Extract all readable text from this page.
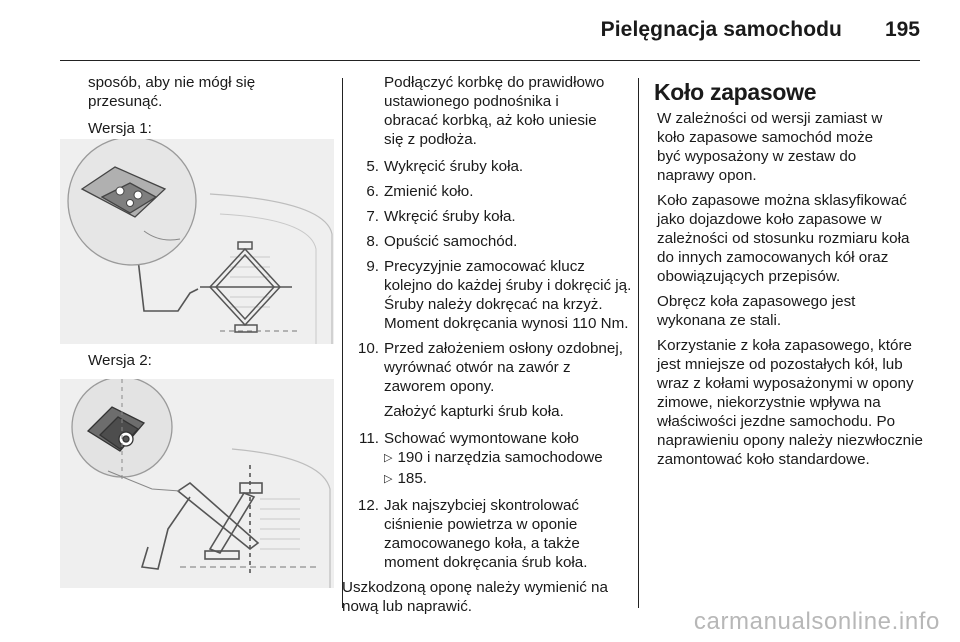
Pielęgnacja samochodu 195

sposób, aby nie mógł się przesunąć.

Wersja 1:

Wersja 2:

Podłączyć korbkę do prawidłowo ustawionego podnośnika i obracać korbką, aż koło uniesie się z podłoża.

5. Wykręcić śruby koła.
6. Zmienić koło.
7. Wkręcić śruby koła.
8. Opuścić samochód.
9. Precyzyjnie zamocować klucz kolejno do każdej śruby i dokręcić ją. Śruby należy dokręcać na krzyż. Moment dokręcania wynosi 110 Nm.
10. Przed założeniem osłony ozdobnej, wyrównać otwór na zawór z zaworem opony.

Założyć kapturki śrub koła.

11. Schować wymontowane koło
▷ 190 i narzędzia samochodowe
▷ 185.
12. Jak najszybciej skontrolować ciśnienie powietrza w oponie zamocowanego koła, a także moment dokręcania śrub koła.

Uszkodzoną oponę należy wymienić na nową lub naprawić.

Koło zapasowe

W zależności od wersji zamiast w koło zapasowe samochód może być wyposażony w zestaw do naprawy opon.

Koło zapasowe można sklasyfikować jako dojazdowe koło zapasowe w zależności od stosunku rozmiaru koła do innych zamocowanych kół oraz obowiązujących przepisów.

Obręcz koła zapasowego jest wykonana ze stali.

Korzystanie z koła zapasowego, które jest mniejsze od pozostałych kół, lub wraz z kołami wyposażonymi w opony zimowe, niekorzystnie wpływa na właściwości jezdne samochodu. Po naprawieniu opony należy niezwłocznie zamontować koło standardowe.

carmanualsonline.info
